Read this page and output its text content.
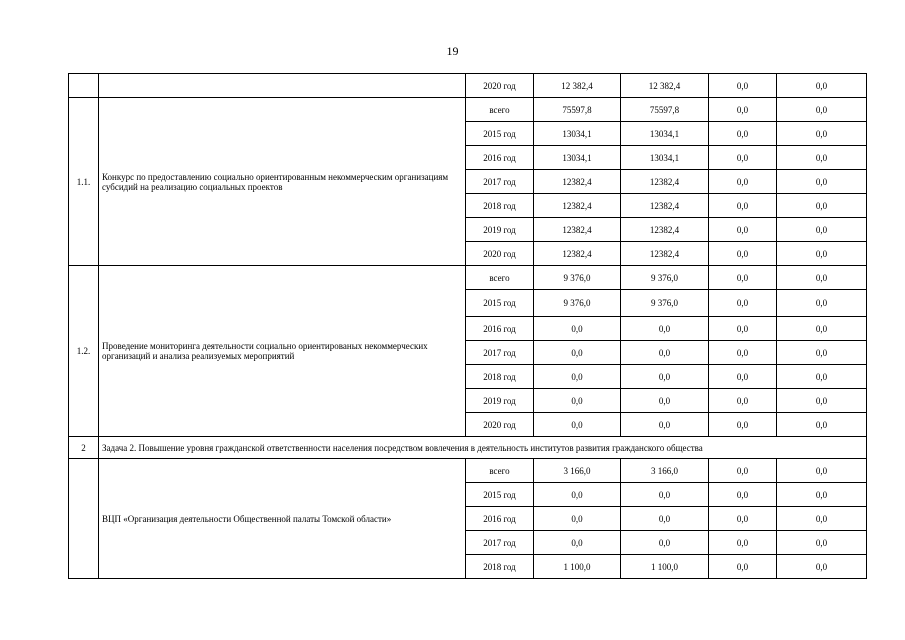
19
		2020 год	12 382,4	12 382,4	0,0	0,0
1.1.	Конкурс по предоставлению социально ориентированным некоммерческим организациям субсидий на реализацию социальных проектов	всего	75597,8	75597,8	0,0	0,0
		2015 год	13034,1	13034,1	0,0	0,0
		2016 год	13034,1	13034,1	0,0	0,0
		2017 год	12382,4	12382,4	0,0	0,0
		2018 год	12382,4	12382,4	0,0	0,0
		2019 год	12382,4	12382,4	0,0	0,0
		2020 год	12382,4	12382,4	0,0	0,0
1.2.	Проведение мониторинга деятельности социально ориентированых некоммерческих организаций и анализа реализуемых мероприятий	всего	9 376,0	9 376,0	0,0	0,0
		2015 год	9 376,0	9 376,0	0,0	0,0
		2016 год	0,0	0,0	0,0	0,0
		2017 год	0,0	0,0	0,0	0,0
		2018 год	0,0	0,0	0,0	0,0
		2019 год	0,0	0,0	0,0	0,0
		2020 год	0,0	0,0	0,0	0,0
2	Задача 2. Повышение уровня гражданской ответственности населения посредством вовлечения в деятельность институтов развития гражданского общества					
	ВЦП «Организация деятельности Общественной палаты Томской области»	всего	3 166,0	3 166,0	0,0	0,0
		2015 год	0,0	0,0	0,0	0,0
		2016 год	0,0	0,0	0,0	0,0
		2017 год	0,0	0,0	0,0	0,0
		2018 год	1 100,0	1 100,0	0,0	0,0
